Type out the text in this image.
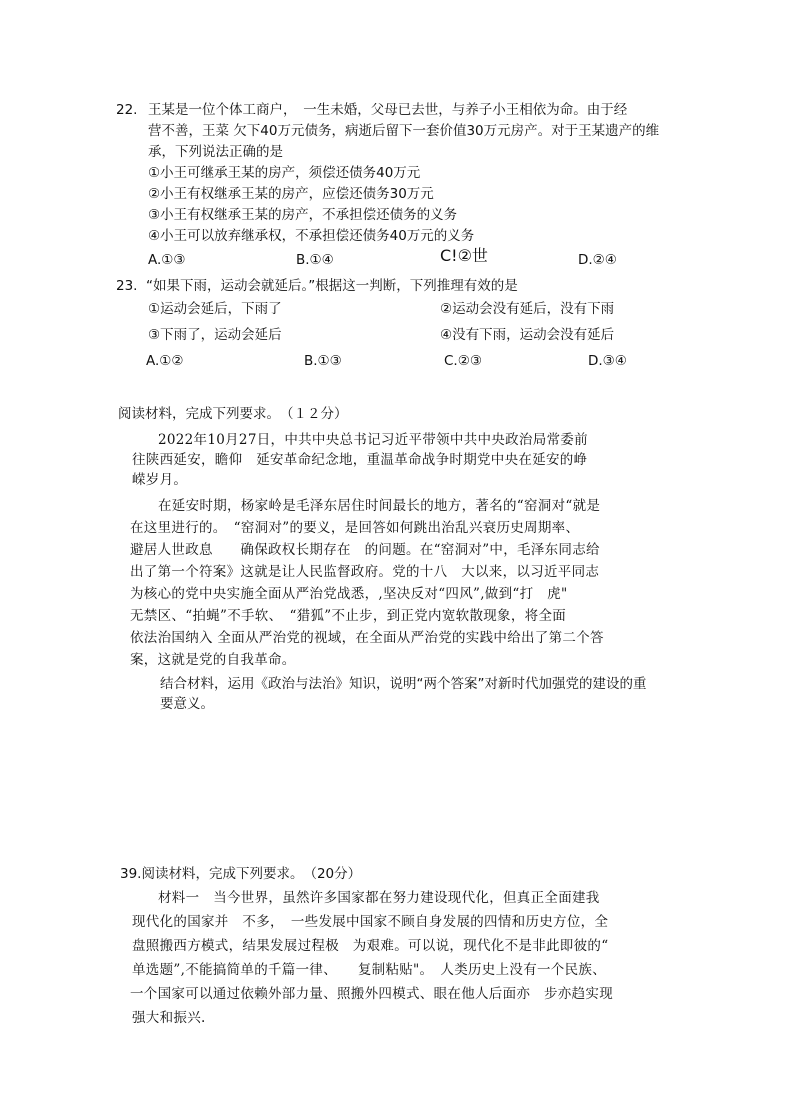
22. 王某是一位个体工商户，　一生未婚，父母已去世，与养子小王相依为命。由于经
营不善，王菜 欠下40万元债务，病逝后留下一套价值30万元房产。对于王某遗产的维
承，下列说法正确的是
①小王可继承王某的房产，须偿还债务40万元
②小王有权继承王某的房产，应偿还债务30万元
③小王有权继承王某的房产，不承担偿还债务的义务
④小王可以放弃继承权，不承担偿还债务40万元的义务
A.①③	B.①④	C!②世	D.②④
23. “如果下雨，运动会就延后。”根据这一判断，下列推理有效的是
①运动会延后，下雨了	②运动会没有延后，没有下雨
③下雨了，运动会延后	④没有下雨，运动会没有延后
A.①②	B.①③	C.②③	D.③④
阅读材料，完成下列要求。　（１２分）
2022年10月27日，中共中央总书记习近平带领中共中央政治局常委前
往陕西延安，瞻仰　延安革命纪念地，重温革命战争时期党中央在延安的峥
嵘岁月。
在延安时期，杨家岭是毛泽东居住时间最长的地方，著名的“窑洞对“就是
在这里进行的。　“窑洞对”的要义，是回答如何跳出治乱兴衰历史周期率、
避居人世政息　　确保政权长期存在　的问题。在“窑洞对”中，毛泽东同志给
出了第一个符案》这就是让人民监督政府。党的十八　大以来，以习近平同志
为核心的党中央实施全面从严治党战悉，,坚决反对“四风”,做到“打　虎"
无禁区、“拍蝇”不手软、　“猎狐”不止步，到正党内宽软散现象，将全面
依法治国纳入 全面从严治党的视域，在全面从严治党的实践中给出了第二个答
案，这就是党的自我革命。
结合材料，运用《政治与法治》知识，说明“两个答案”对新时代加强党的建设的重
要意义。
39.阅读材料，完成下列要求。　（20分）
材料一　当今世界，虽然许多国家都在努力建设现代化，但真正全面建我
现代化的国家并　不多，　一些发展中国家不顾自身发展的四情和历史方位，全
盘照搬西方模式，结果发展过程极　为艰难。可以说，现代化不是非此即彼的“
单选题”,不能搞简单的千篇一律、　　复制粘贴"。　人类历史上没有一个民族、
一个国家可以通过依赖外部力量、照搬外四模式、眼在他人后面亦　步亦趋实现
强大和振兴.
